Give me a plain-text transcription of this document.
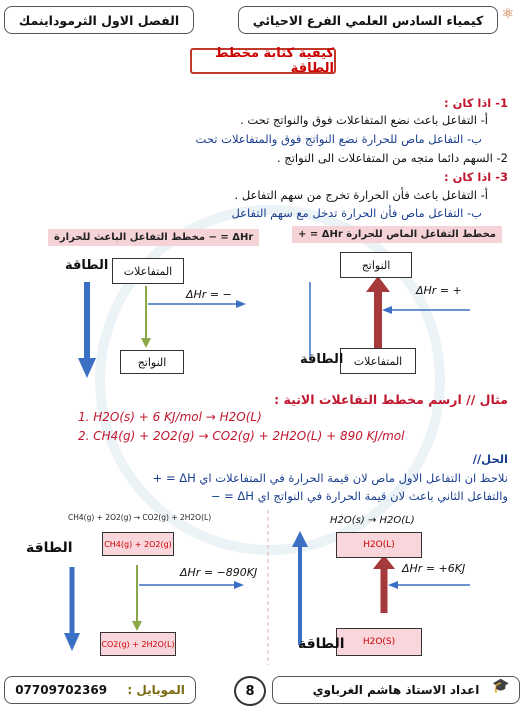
الفصل الاول الثرموداينمك	كيمياء السادس العلمي الفرع الاحيائي	⚛
كيفية كتابة مخطط الطاقة
1- اذا كان :
أ- التفاعل باعث نضع المتفاعلات فوق والنواتج تحت .
ب- التفاعل ماص للحرارة نضع النواتج فوق والمتفاعلات تحت
2- السهم دائما متجه من المتفاعلات الى النواتج .
3- اذا كان :
أ- التفاعل باعث فأن الحرارة تخرج من سهم التفاعل .
ب- التفاعل ماص فأن الحرارة تدخل مع سهم التفاعل
ΔHr = − مخطط التفاعل الباعث للحرارة	مخطط التفاعل الماص للحرارة ΔHr = +
المتفاعلات
النواتج
النواتج
المتفاعلات
الطاقة
الطاقة
ΔHr = −	ΔHr = +
مثال // ارسم مخطط التفاعلات الاتية :
1. H2O(s) + 6 KJ/mol → H2O(L)
2. CH4(g) + 2O2(g) → CO2(g) + 2H2O(L) + 890 KJ/mol
الحل//
نلاحظ ان التفاعل الاول ماص لان قيمة الحرارة في المتفاعلات اي ΔH = +
والتفاعل الثاني باعث لان قيمة الحرارة في النواتج اي ΔH = −
CH4(g) + 2O2(g) → CO2(g) + 2H2O(L)
CH4(g) + 2O2(g)
CO2(g) + 2H2O(L)
ΔHr = −890KJ
الطاقة
H2O(s) → H2O(L)
H2O(L)
H2O(S)
ΔHr = +6KJ
الطاقة
الموبايل :
07709702369	8	اعداد الاستاذ هاشم الغرباوي 🎓
